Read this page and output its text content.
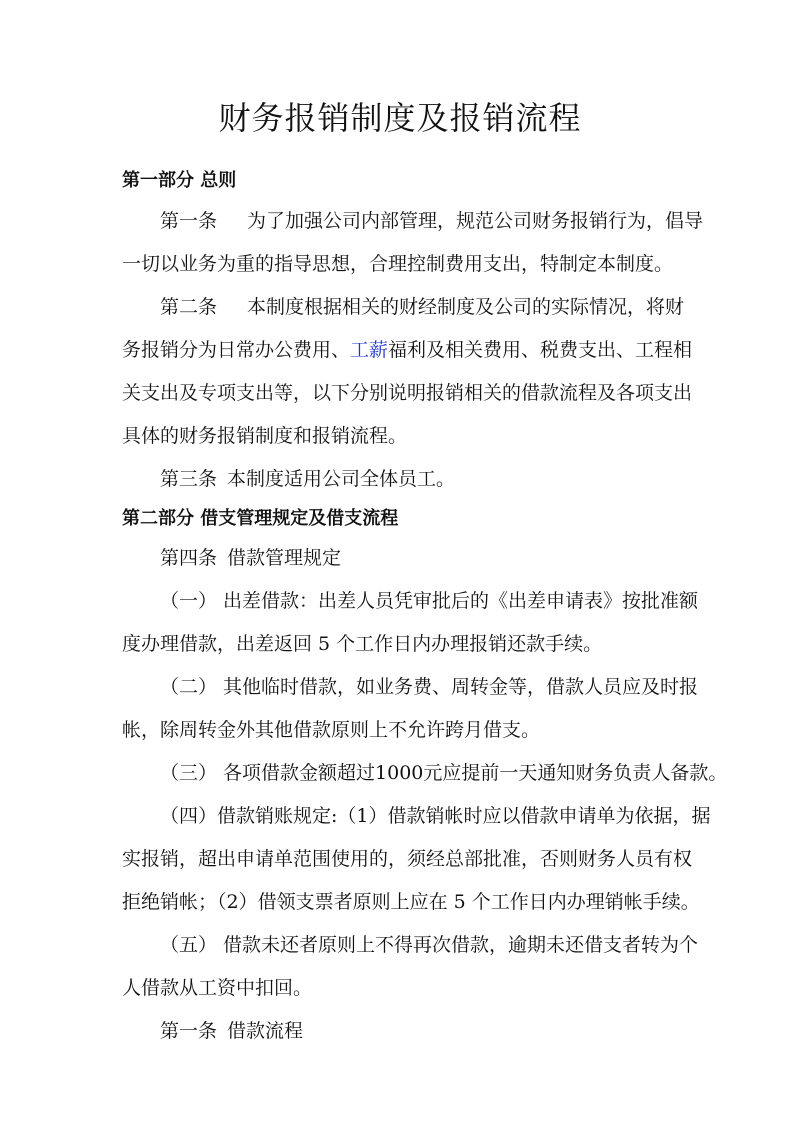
财务报销制度及报销流程
第一部分 总则
第一条 为了加强公司内部管理，规范公司财务报销行为，倡导
一切以业务为重的指导思想，合理控制费用支出，特制定本制度。
第二条 本制度根据相关的财经制度及公司的实际情况，将财
务报销分为日常办公费用、工薪福利及相关费用、税费支出、工程相
关支出及专项支出等，以下分别说明报销相关的借款流程及各项支出
具体的财务报销制度和报销流程。
第三条 本制度适用公司全体员工。
第二部分 借支管理规定及借支流程
第四条 借款管理规定
（一） 出差借款：出差人员凭审批后的《出差申请表》按批准额
度办理借款，出差返回 5 个工作日内办理报销还款手续。
（二） 其他临时借款，如业务费、周转金等，借款人员应及时报
帐，除周转金外其他借款原则上不允许跨月借支。
（三） 各项借款金额超过1000元应提前一天通知财务负责人备款。
（四）借款销账规定:（1）借款销帐时应以借款申请单为依据，据
实报销，超出申请单范围使用的，须经总部批准，否则财务人员有权
拒绝销帐；（2）借领支票者原则上应在 5 个工作日内办理销帐手续。
（五） 借款未还者原则上不得再次借款，逾期未还借支者转为个
人借款从工资中扣回。
第一条 借款流程
